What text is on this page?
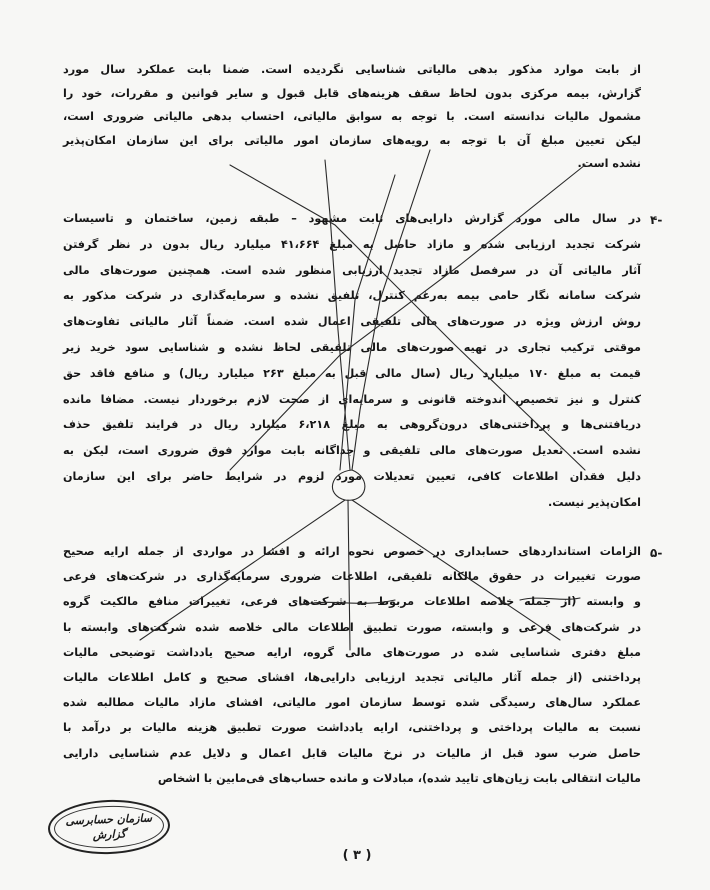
از بابت موارد مذکور بدهی مالیاتی شناسایی نگردیده است. ضمنا بابت عملکرد سال مورد
گزارش، بیمه مرکزی بدون لحاظ سقف هزینه‌های قابل قبول و سایر قوانین و مقررات، خود را
مشمول مالیات ندانسته است. با توجه به سوابق مالیاتی، احتساب بدهی مالیاتی ضروری است،
لیکن تعیین مبلغ آن با توجه به رویه‌های سازمان امور مالیاتی برای این سازمان امکان‌پذیر
نشده است.
-۴
در سال مالی مورد گزارش دارایی‌های ثابت مشهود – طبقه زمین، ساختمان و تاسیسات
شرکت تجدید ارزیابی شده و مازاد حاصل به مبلغ ۴۱،۶۶۴ میلیارد ریال بدون در نظر گرفتن
آثار مالیاتی آن در سرفصل مازاد تجدید ارزیابی منظور شده است. همچنین صورت‌های مالی
شرکت سامانه نگار حامی بیمه به‌رغم کنترل، تلفیق نشده و سرمایه‌گذاری در شرکت مذکور به
روش ارزش ویژه در صورت‌های مالی تلفیقی اعمال شده است. ضمناً آثار مالیاتی تفاوت‌های
موقتی ترکیب تجاری در تهیه صورت‌های مالی تلفیقی لحاظ نشده و شناسایی سود خرید زیر
قیمت به مبلغ ۱۷۰ میلیارد ریال (سال مالی قبل به مبلغ ۲۶۳ میلیارد ریال) و منافع فاقد حق
کنترل و نیز تخصیص اندوخته قانونی و سرمایه‌ای از صحت لازم برخوردار نیست. مضافا مانده
دریافتنی‌ها و پرداختنی‌های درون‌گروهی به مبلغ ۶،۲۱۸ میلیارد ریال در فرایند تلفیق حذف
نشده است. تعدیل صورت‌های مالی تلفیقی و جداگانه بابت موارد فوق ضروری است، لیکن به
دلیل فقدان اطلاعات کافی، تعیین تعدیلات مورد لزوم در شرایط حاضر برای این سازمان
امکان‌پذیر نیست.
-۵
الزامات استانداردهای حسابداری در خصوص نحوه ارائه و افشا در مواردی از جمله ارایه صحیح
صورت تغییرات در حقوق مالکانه تلفیقی، اطلاعات ضروری سرمایه‌گذاری در شرکت‌های فرعی
و وابسته (از جمله خلاصه اطلاعات مربوط به شرکت‌های فرعی، تغییرات منافع مالکیت گروه
در شرکت‌های فرعی و وابسته، صورت تطبیق اطلاعات مالی خلاصه شده شرکت‌های وابسته با
مبلغ دفتری شناسایی شده در صورت‌های مالی گروه، ارایه صحیح یادداشت توضیحی مالیات
پرداختنی (از جمله آثار مالیاتی تجدید ارزیابی دارایی‌ها، افشای صحیح و کامل اطلاعات مالیات
عملکرد سال‌های رسیدگی شده توسط سازمان امور مالیاتی، افشای مازاد مالیات مطالبه شده
نسبت به مالیات پرداختی و پرداختنی، ارایه یادداشت صورت تطبیق هزینه مالیات بر درآمد با
حاصل ضرب سود قبل از مالیات در نرخ مالیات قابل اعمال و دلایل عدم شناسایی دارایی
مالیات انتقالی بابت زیان‌های تایید شده)، مبادلات و مانده حساب‌های فی‌مابین با اشخاص
سازمان حسابرسی
گزارش
( ۳ )
